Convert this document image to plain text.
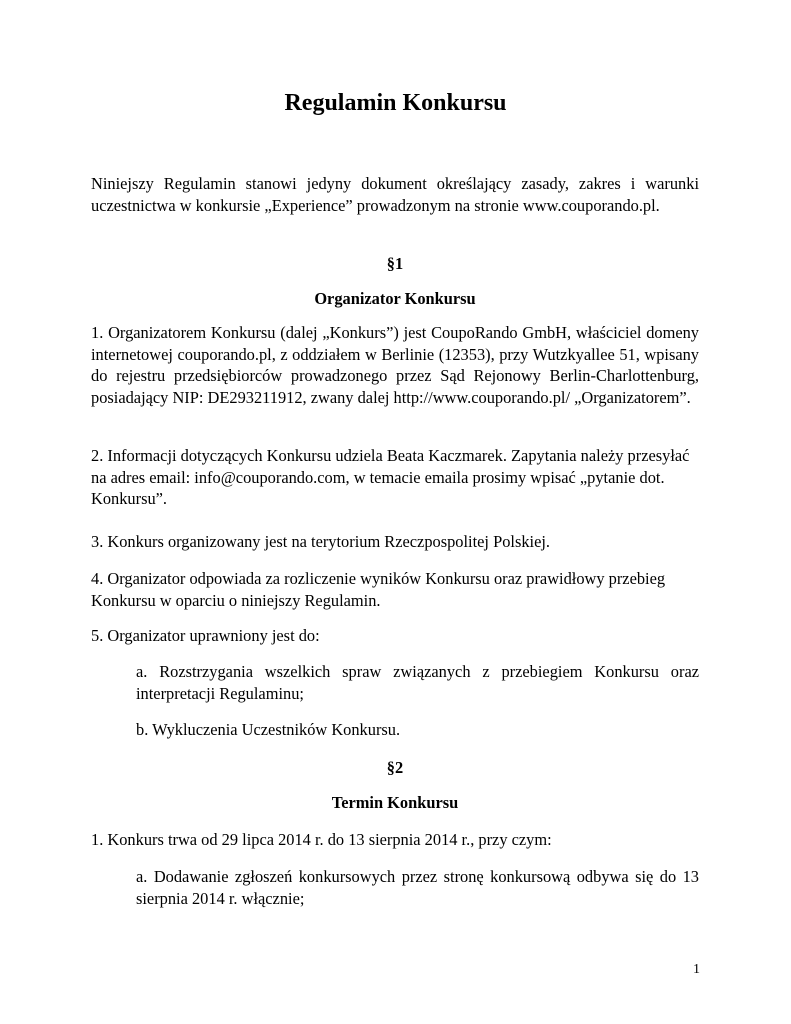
Regulamin Konkursu

Niniejszy Regulamin stanowi jedyny dokument określający zasady, zakres i warunki uczestnictwa w konkursie „Experience” prowadzonym na stronie www.couporando.pl.

§1
Organizator Konkursu

1. Organizatorem Konkursu (dalej „Konkurs”) jest CoupoRando GmbH, właściciel domeny internetowej couporando.pl, z oddziałem w Berlinie (12353), przy Wutzkyallee 51, wpisany do rejestru przedsiębiorców prowadzonego przez Sąd Rejonowy Berlin-Charlottenburg, posiadający NIP: DE293211912, zwany dalej http://www.couporando.pl/ „Organizatorem”.

2. Informacji dotyczących Konkursu udziela Beata Kaczmarek. Zapytania należy przesyłać na adres email: info@couporando.com, w temacie emaila prosimy wpisać „pytanie dot. Konkursu”.

3. Konkurs organizowany jest na terytorium Rzeczpospolitej Polskiej.

4. Organizator odpowiada za rozliczenie wyników Konkursu oraz prawidłowy przebieg Konkursu w oparciu o niniejszy Regulamin.

5. Organizator uprawniony jest do:

a. Rozstrzygania wszelkich spraw związanych z przebiegiem Konkursu oraz interpretacji Regulaminu;

b. Wykluczenia Uczestników Konkursu.

§2
Termin Konkursu

1. Konkurs trwa od 29 lipca 2014 r. do 13 sierpnia 2014 r., przy czym:

a. Dodawanie zgłoszeń konkursowych przez stronę konkursową odbywa się do 13 sierpnia 2014 r. włącznie;

1
